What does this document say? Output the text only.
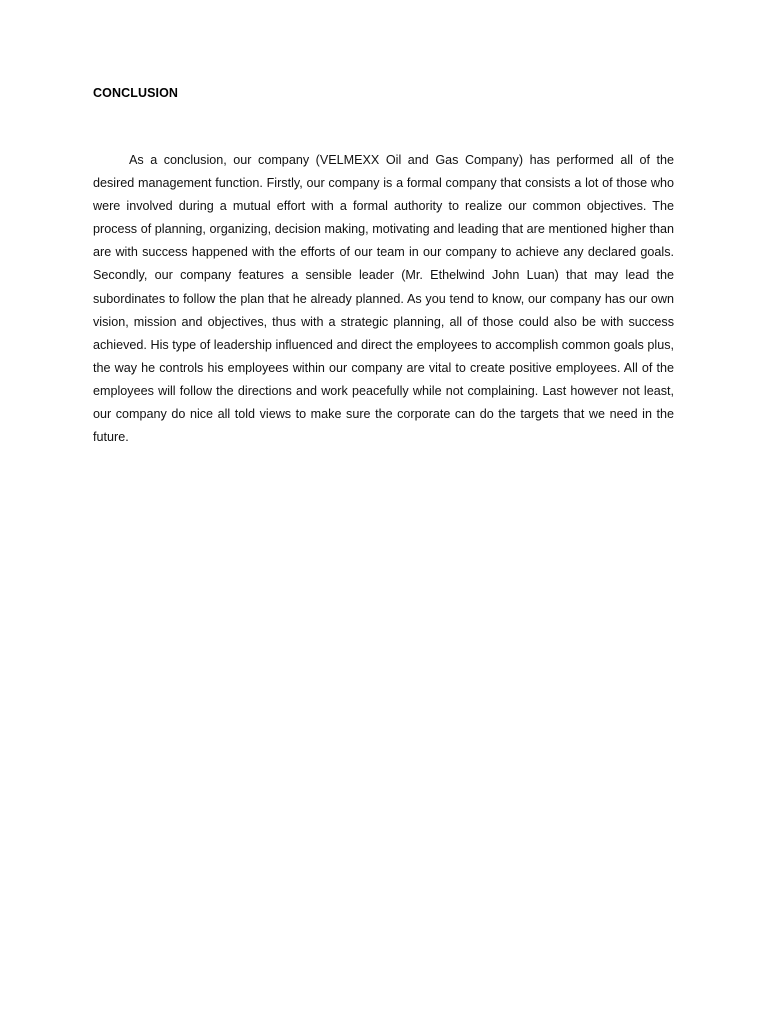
CONCLUSION

As a conclusion, our company (VELMEXX Oil and Gas Company) has performed all of the desired management function. Firstly, our company is a formal company that consists a lot of those who were involved during a mutual effort with a formal authority to realize our common objectives. The process of planning, organizing, decision making, motivating and leading that are mentioned higher than are with success happened with the efforts of our team in our company to achieve any declared goals. Secondly, our company features a sensible leader (Mr. Ethelwind John Luan) that may lead the subordinates to follow the plan that he already planned. As you tend to know, our company has our own vision, mission and objectives, thus with a strategic planning, all of those could also be with success achieved. His type of leadership influenced and direct the employees to accomplish common goals plus, the way he controls his employees within our company are vital to create positive employees. All of the employees will follow the directions and work peacefully while not complaining. Last however not least, our company do nice all told views to make sure the corporate can do the targets that we need in the future.
